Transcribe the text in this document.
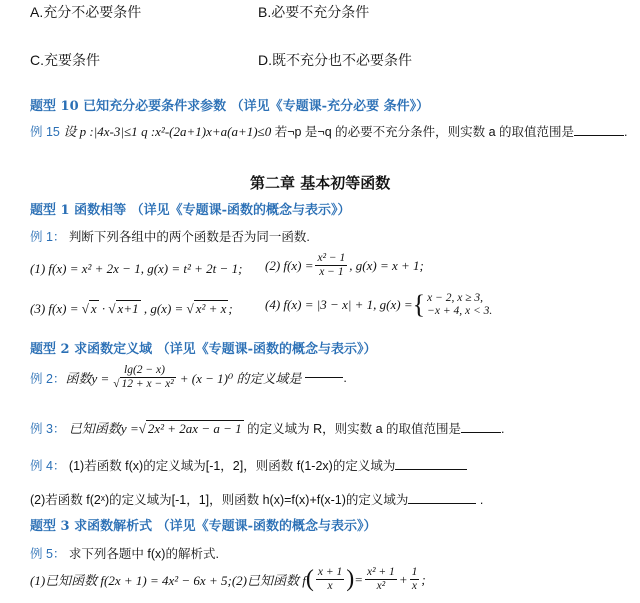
A.充分不必要条件	B.必要不充分条件
C.充要条件	D.既不充分也不必要条件
题型 10 已知充分必要条件求参数 （详见《专题课-充分必要 条件》）
例 15 设 p :|4x-3|≤1 q :x²-(2a+1)x+a(a+1)≤0 若¬p 是¬q 的必要不充分条件，则实数 a 的取值范围是	.
第二章 基本初等函数
题型 1 函数相等 （详见《专题课-函数的概念与表示》）
例 1： 判断下列各组中的两个函数是否为同一函数.
(1) f(x) = x² + 2x − 1, g(x) = t² + 2t − 1; (2) $f(x) = \frac{\text{x² − 1}}{x - 1}$ , g(x) = x + 1;
(3) f(x) = √ x · √ x+1 , g(x) = √ x² + x ; (4) f(x) = |3 − x| + 1, g(x) = { x − 2, x ≥ 3,
−x + 4, x < 3.
题型 2 求函数定义域 （详见《专题课-函数的概念与表示》）
例 2： 函数$y = \frac{\lg(2 - x)}{\text{√ 12 + x − x²}} + (x - 1)^0$ 的定义域是	.
例 3： 已知函数y =√ 2x² + 2ax − a − 1 的定义域为 R，则实数 a 的取值范围是	.
例 4： (1)若函数 f(x)的定义域为[-1，2]，则函数 f(1-2x)的定义域为
(2)若函数 f(2ˣ)的定义域为[-1，1]，则函数 h(x)=f(x)+f(x-1)的定义域为	.
题型 3 求函数解析式 （详见《专题课-函数的概念与表示》）
例 5： 求下列各题中 f(x)的解析式.
(1)已知函数 f(2x + 1) = 4x² − 6x + 5; (2)已知函数 f ( $\frac{x + 1}{x}$ ) = $\frac{\text{x² + 1}}{\text{x²}} + \frac{1}{x}$ ;
